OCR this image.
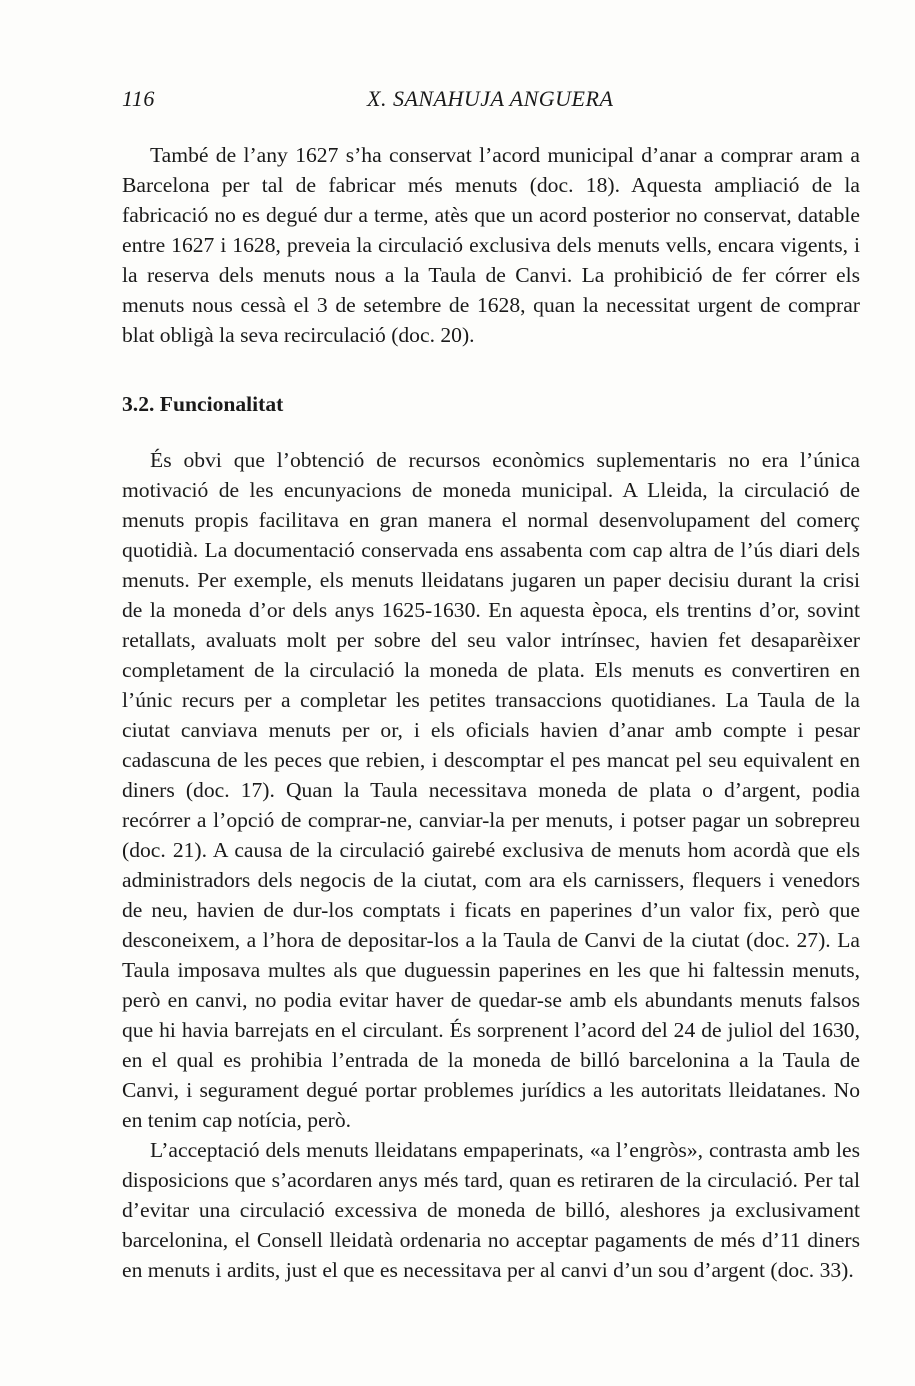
116	X. SANAHUJA ANGUERA

També de l’any 1627 s’ha conservat l’acord municipal d’anar a comprar aram a Barcelona per tal de fabricar més menuts (doc. 18). Aquesta ampliació de la fabricació no es degué dur a terme, atès que un acord posterior no conservat, datable entre 1627 i 1628, preveia la circulació exclusiva dels menuts vells, encara vigents, i la reserva dels menuts nous a la Taula de Canvi. La prohibició de fer córrer els menuts nous cessà el 3 de setembre de 1628, quan la necessitat urgent de comprar blat obligà la seva recirculació (doc. 20).

3.2. Funcionalitat

És obvi que l’obtenció de recursos econòmics suplementaris no era l’única motivació de les encunyacions de moneda municipal. A Lleida, la circulació de menuts propis facilitava en gran manera el normal desenvolupament del comerç quotidià. La documentació conservada ens assabenta com cap altra de l’ús diari dels menuts. Per exemple, els menuts lleidatans jugaren un paper decisiu durant la crisi de la moneda d’or dels anys 1625-1630. En aquesta època, els trentins d’or, sovint retallats, avaluats molt per sobre del seu valor intrínsec, havien fet desaparèixer completament de la circulació la moneda de plata. Els menuts es convertiren en l’únic recurs per a completar les petites transaccions quotidianes. La Taula de la ciutat canviava menuts per or, i els oficials havien d’anar amb compte i pesar cadascuna de les peces que rebien, i descomptar el pes mancat pel seu equivalent en diners (doc. 17). Quan la Taula necessitava moneda de plata o d’argent, podia recórrer a l’opció de comprar-ne, canviar-la per menuts, i potser pagar un sobrepreu (doc. 21). A causa de la circulació gairebé exclusiva de menuts hom acordà que els administradors dels negocis de la ciutat, com ara els carnissers, flequers i venedors de neu, havien de dur-los comptats i ficats en paperines d’un valor fix, però que desconeixem, a l’hora de depositar-los a la Taula de Canvi de la ciutat (doc. 27). La Taula imposava multes als que duguessin paperines en les que hi faltessin menuts, però en canvi, no podia evitar haver de quedar-se amb els abundants menuts falsos que hi havia barrejats en el circulant. És sorprenent l’acord del 24 de juliol del 1630, en el qual es prohibia l’entrada de la moneda de billó barcelonina a la Taula de Canvi, i segurament degué portar problemes jurídics a les autoritats lleidatanes. No en tenim cap notícia, però.

L’acceptació dels menuts lleidatans empaperinats, «a l’engròs», contrasta amb les disposicions que s’acordaren anys més tard, quan es retiraren de la circulació. Per tal d’evitar una circulació excessiva de moneda de billó, aleshores ja exclusivament barcelonina, el Consell lleidatà ordenaria no acceptar pagaments de més d’11 diners en menuts i ardits, just el que es necessitava per al canvi d’un sou d’argent (doc. 33).
